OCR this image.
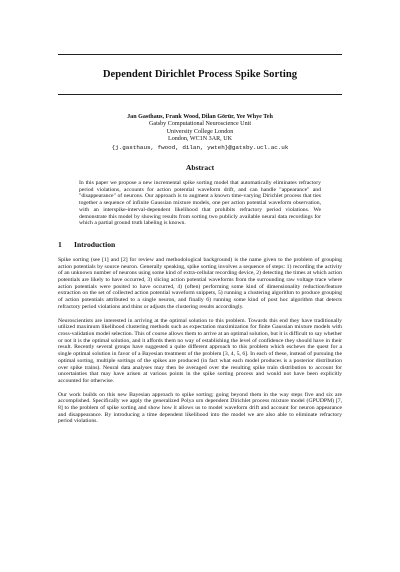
Dependent Dirichlet Process Spike Sorting
Jan Gasthaus, Frank Wood, Dilan Görür, Yee Whye Teh
Gatsby Computational Neuroscience Unit
University College London
London, WC1N 3AR, UK
{j.gasthaus, fwood, dilan, ywteh}@gatsby.ucl.ac.uk
Abstract
In this paper we propose a new incremental spike sorting model that automatically eliminates refractory period violations, accounts for action potential waveform drift, and can handle "appearance" and "disappearance" of neurons. Our approach is to augment a known time-varying Dirichlet process that ties together a sequence of infinite Gaussian mixture models, one per action potential waveform observation, with an interspike-interval-dependent likelihood that prohibits refractory period violations. We demonstrate this model by showing results from sorting two publicly available neural data recordings for which a partial ground truth labeling is known.
1 Introduction

Spike sorting (see [1] and [2] for review and methodological background) is the name given to the problem of grouping action potentials by source neuron. Generally speaking, spike sorting involves a sequence of steps: 1) recording the activity of an unknown number of neurons using some kind of extra-cellular recording device, 2) detecting the times at which action potentials are likely to have occurred, 3) slicing action potential waveforms from the surrounding raw voltage trace where action potentials were posited to have occurred, 4) (often) performing some kind of dimensionality reduction/feature extraction on the set of collected action potential waveform snippets, 5) running a clustering algorithm to produce grouping of action potentials attributed to a single neuron, and finally 6) running some kind of post hoc algorithm that detects refractory period violations and thins or adjusts the clustering results accordingly.

Neuroscientists are interested in arriving at the optimal solution to this problem. Towards this end they have traditionally utilized maximum likelihood clustering methods such as expectation maximization for finite Gaussian mixture models with cross-validation model selection. This of course allows them to arrive at an optimal solution, but it is difficult to say whether or not it is the optimal solution, and it affords them no way of establishing the level of confidence they should have in their result. Recently several groups have suggested a quite different approach to this problem which eschews the quest for a single optimal solution in favor of a Bayesian treatment of the problem [3, 4, 5, 6]. In each of these, instead of pursuing the optimal sorting, multiple sortings of the spikes are produced (in fact what each model produces is a posterior distribution over spike trains). Neural data analyses may then be averaged over the resulting spike train distribution to account for uncertainties that may have arisen at various points in the spike sorting process and would not have been explicitly accounted for otherwise.

Our work builds on this new Bayesian approach to spike sorting; going beyond them in the way steps five and six are accomplished. Specifically we apply the generalized Polya urn dependent Dirichlet process mixture model (GPUDPM) [7, 8] to the problem of spike sorting and show how it allows us to model waveform drift and account for neuron appearance and disappearance. By introducing a time dependent likelihood into the model we are also able to eliminate refractory period violations.
